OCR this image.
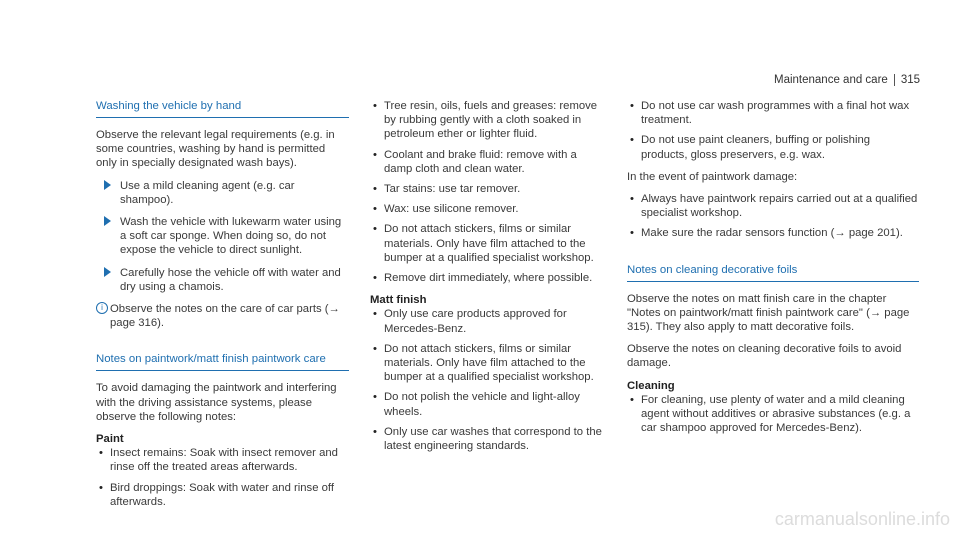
Maintenance and care 315
Washing the vehicle by hand

Observe the relevant legal requirements (e.g. in some countries, washing by hand is permitted only in specially designated wash bays).

Use a mild cleaning agent (e.g. car shampoo).
Wash the vehicle with lukewarm water using a soft car sponge. When doing so, do not expose the vehicle to direct sunlight.
Carefully hose the vehicle off with water and dry using a chamois.
i Observe the notes on the care of car parts (→ page 316).
Notes on paintwork/matt finish paintwork care

To avoid damaging the paintwork and interfering with the driving assistance systems, please observe the following notes:

Paint
• Insect remains: Soak with insect remover and rinse off the treated areas afterwards.
• Bird droppings: Soak with water and rinse off afterwards.
• Tree resin, oils, fuels and greases: remove by rubbing gently with a cloth soaked in petroleum ether or lighter fluid.
• Coolant and brake fluid: remove with a damp cloth and clean water.
• Tar stains: use tar remover.
• Wax: use silicone remover.
• Do not attach stickers, films or similar materials. Only have film attached to the bumper at a qualified specialist workshop.
• Remove dirt immediately, where possible.
Matt finish
• Only use care products approved for Mercedes-Benz.
• Do not attach stickers, films or similar materials. Only have film attached to the bumper at a qualified specialist workshop.
• Do not polish the vehicle and light-alloy wheels.
• Only use car washes that correspond to the latest engineering standards.
• Do not use car wash programmes with a final hot wax treatment.
• Do not use paint cleaners, buffing or polishing products, gloss preservers, e.g. wax.

In the event of paintwork damage:

• Always have paintwork repairs carried out at a qualified specialist workshop.
• Make sure the radar sensors function (→ page 201).
Notes on cleaning decorative foils

Observe the notes on matt finish care in the chapter "Notes on paintwork/matt finish paintwork care" (→ page 315). They also apply to matt decorative foils.

Observe the notes on cleaning decorative foils to avoid damage.

Cleaning
• For cleaning, use plenty of water and a mild cleaning agent without additives or abrasive substances (e.g. a car shampoo approved for Mercedes-Benz).
carmanualsonline.info
